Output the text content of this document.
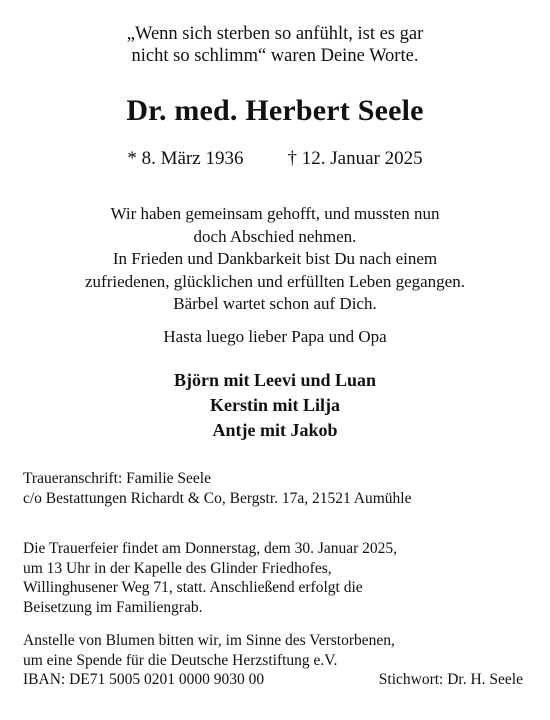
„Wenn sich sterben so anfühlt, ist es gar
nicht so schlimm“ waren Deine Worte.
Dr. med. Herbert Seele
* 8. März 1936 † 12. Januar 2025
Wir haben gemeinsam gehofft, und mussten nun
doch Abschied nehmen.
In Frieden und Dankbarkeit bist Du nach einem
zufriedenen, glücklichen und erfüllten Leben gegangen.
Bärbel wartet schon auf Dich.
Hasta luego lieber Papa und Opa
Björn mit Leevi und Luan
Kerstin mit Lilja
Antje mit Jakob
Traueranschrift: Familie Seele
c/o Bestattungen Richardt & Co, Bergstr. 17a, 21521 Aumühle
Die Trauerfeier findet am Donnerstag, dem 30. Januar 2025,
um 13 Uhr in der Kapelle des Glinder Friedhofes,
Willinghusener Weg 71, statt. Anschließend erfolgt die
Beisetzung im Familiengrab.
Anstelle von Blumen bitten wir, im Sinne des Verstorbenen,
um eine Spende für die Deutsche Herzstiftung e.V.
IBAN: DE71 5005 0201 0000 9030 00	Stichwort: Dr. H. Seele
